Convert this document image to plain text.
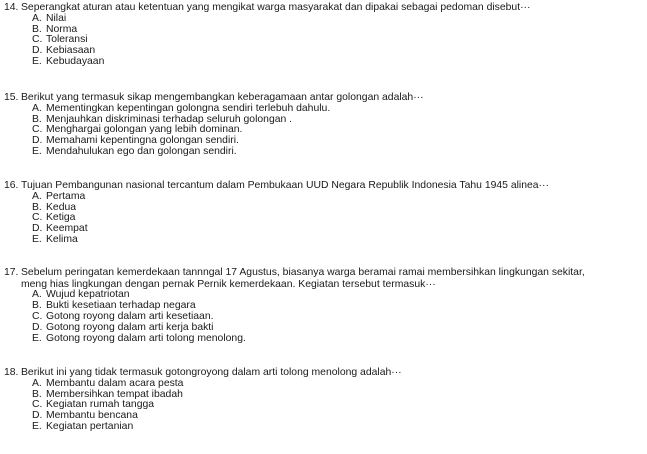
14. Seperangkat aturan atau ketentuan yang mengikat warga masyarakat dan dipakai sebagai pedoman disebut···
A. Nilai
B. Norma
C. Toleransi
D. Kebiasaan
E. Kebudayaan
15. Berikut yang termasuk sikap mengembangkan keberagamaan antar golongan adalah···
A. Mementingkan kepentingan golongna sendiri terlebuh dahulu.
B. Menjauhkan diskriminasi terhadap seluruh golongan .
C. Menghargai golongan yang lebih dominan.
D. Memahami kepentingna golongan sendiri.
E. Mendahulukan ego dan golongan sendiri.
16. Tujuan Pembangunan nasional tercantum dalam Pembukaan UUD Negara Republik Indonesia Tahu 1945 alinea···
A. Pertama
B. Kedua
C. Ketiga
D. Keempat
E. Kelima
17. Sebelum peringatan kemerdekaan tannngal 17 Agustus, biasanya warga beramai ramai membersihkan lingkungan sekitar,
meng hias lingkungan dengan pernak Pernik kemerdekaan. Kegiatan tersebut termasuk···
A. Wujud kepatriotan
B. Bukti kesetiaan terhadap negara
C. Gotong royong dalam arti kesetiaan.
D. Gotong royong dalam arti kerja bakti
E. Gotong royong dalam arti tolong menolong.
18. Berikut ini yang tidak termasuk gotongroyong dalam arti tolong menolong adalah···
A. Membantu dalam acara pesta
B. Membersihkan tempat ibadah
C. Kegiatan rumah tangga
D. Membantu bencana
E. Kegiatan pertanian
